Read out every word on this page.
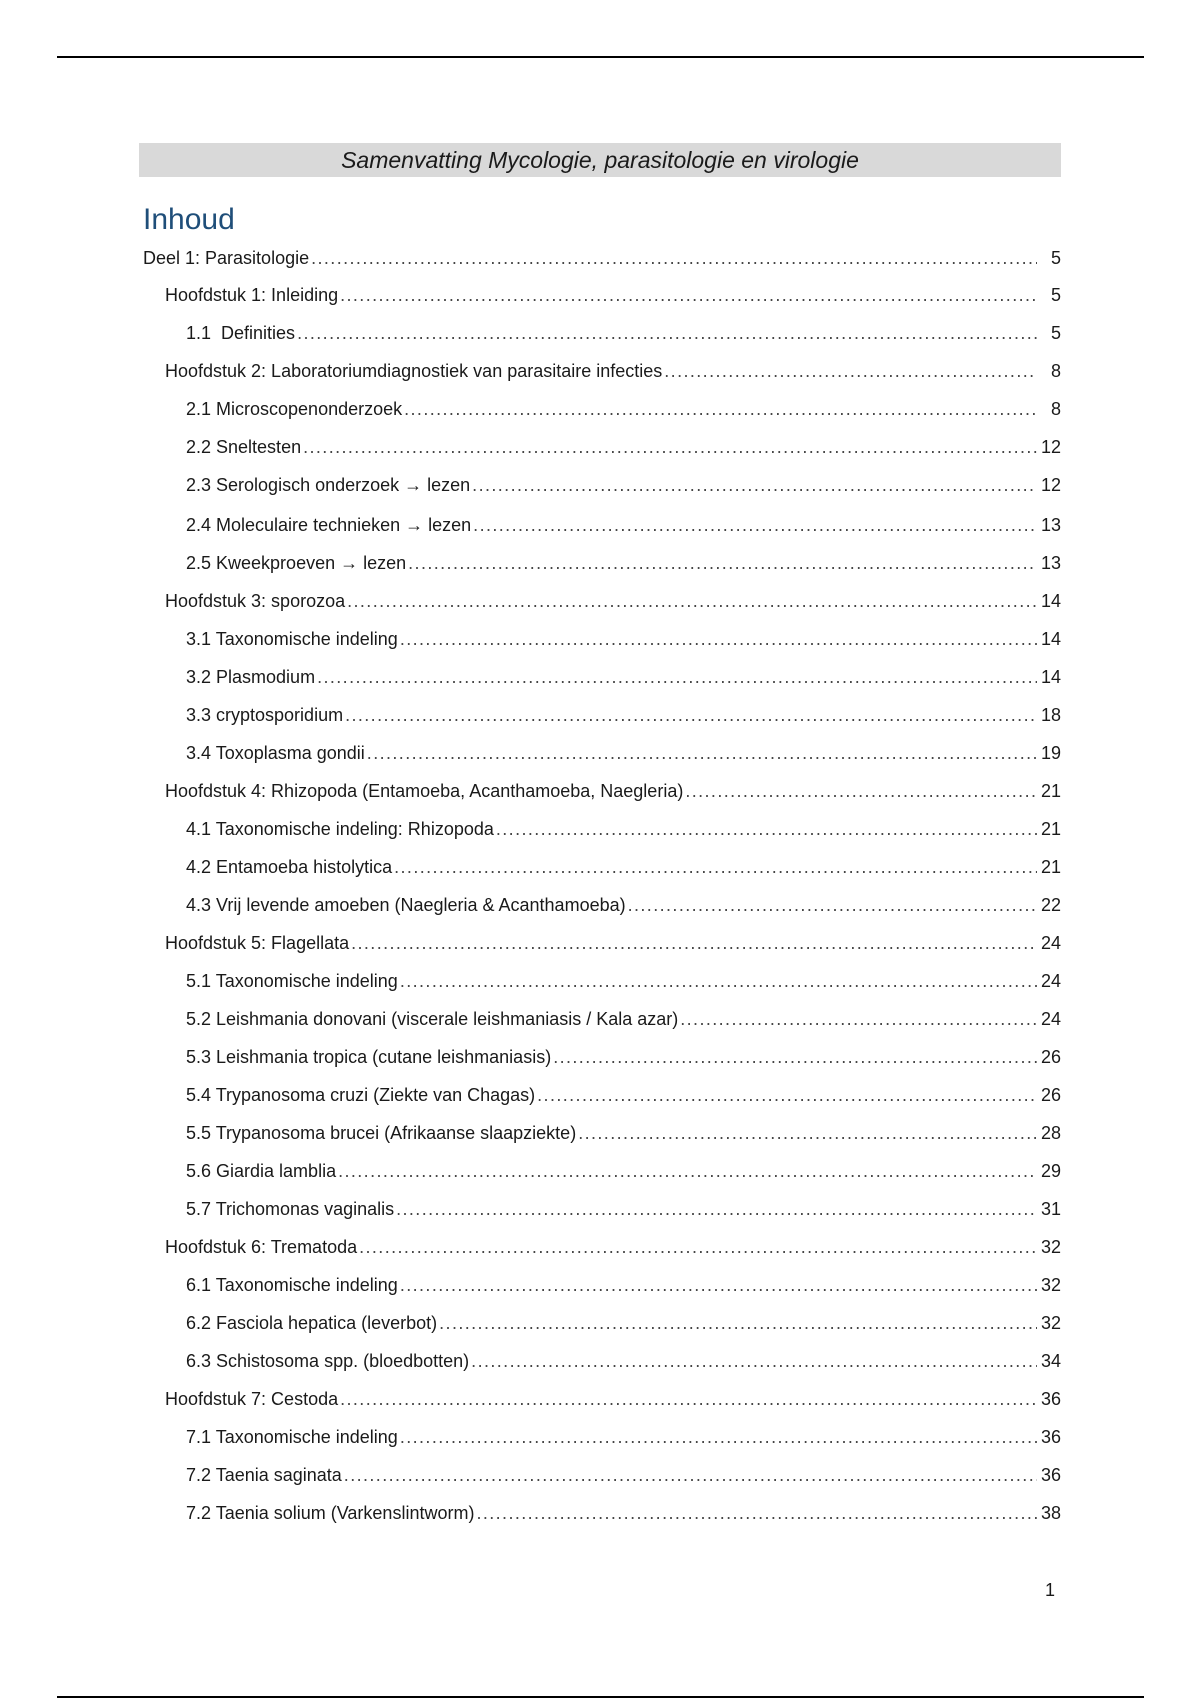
Samenvatting Mycologie, parasitologie en virologie
Inhoud
Deel 1: Parasitologie .....	5
Hoofdstuk 1: Inleiding .....	5
1.1  Definities .....	5
Hoofdstuk 2: Laboratoriumdiagnostiek van parasitaire infecties .....	8
2.1 Microscopenonderzoek .....	8
2.2 Sneltesten .....	12
2.3 Serologisch onderzoek → lezen .....	12
2.4 Moleculaire technieken → lezen .....	13
2.5 Kweekproeven → lezen .....	13
Hoofdstuk 3: sporozoa .....	14
3.1 Taxonomische indeling .....	14
3.2 Plasmodium .....	14
3.3 cryptosporidium .....	18
3.4 Toxoplasma gondii .....	19
Hoofdstuk 4: Rhizopoda (Entamoeba, Acanthamoeba, Naegleria) .....	21
4.1 Taxonomische indeling: Rhizopoda .....	21
4.2 Entamoeba histolytica .....	21
4.3 Vrij levende amoeben (Naegleria & Acanthamoeba) .....	22
Hoofdstuk 5: Flagellata .....	24
5.1 Taxonomische indeling .....	24
5.2 Leishmania donovani (viscerale leishmaniasis / Kala azar) .....	24
5.3 Leishmania tropica (cutane leishmaniasis) .....	26
5.4 Trypanosoma cruzi (Ziekte van Chagas) .....	26
5.5 Trypanosoma brucei (Afrikaanse slaapziekte) .....	28
5.6 Giardia lamblia .....	29
5.7 Trichomonas vaginalis .....	31
Hoofdstuk 6: Trematoda .....	32
6.1 Taxonomische indeling .....	32
6.2 Fasciola hepatica (leverbot) .....	32
6.3 Schistosoma spp. (bloedbotten) .....	34
Hoofdstuk 7: Cestoda .....	36
7.1 Taxonomische indeling .....	36
7.2 Taenia saginata .....	36
7.2 Taenia solium (Varkenslintworm) .....	38
1
